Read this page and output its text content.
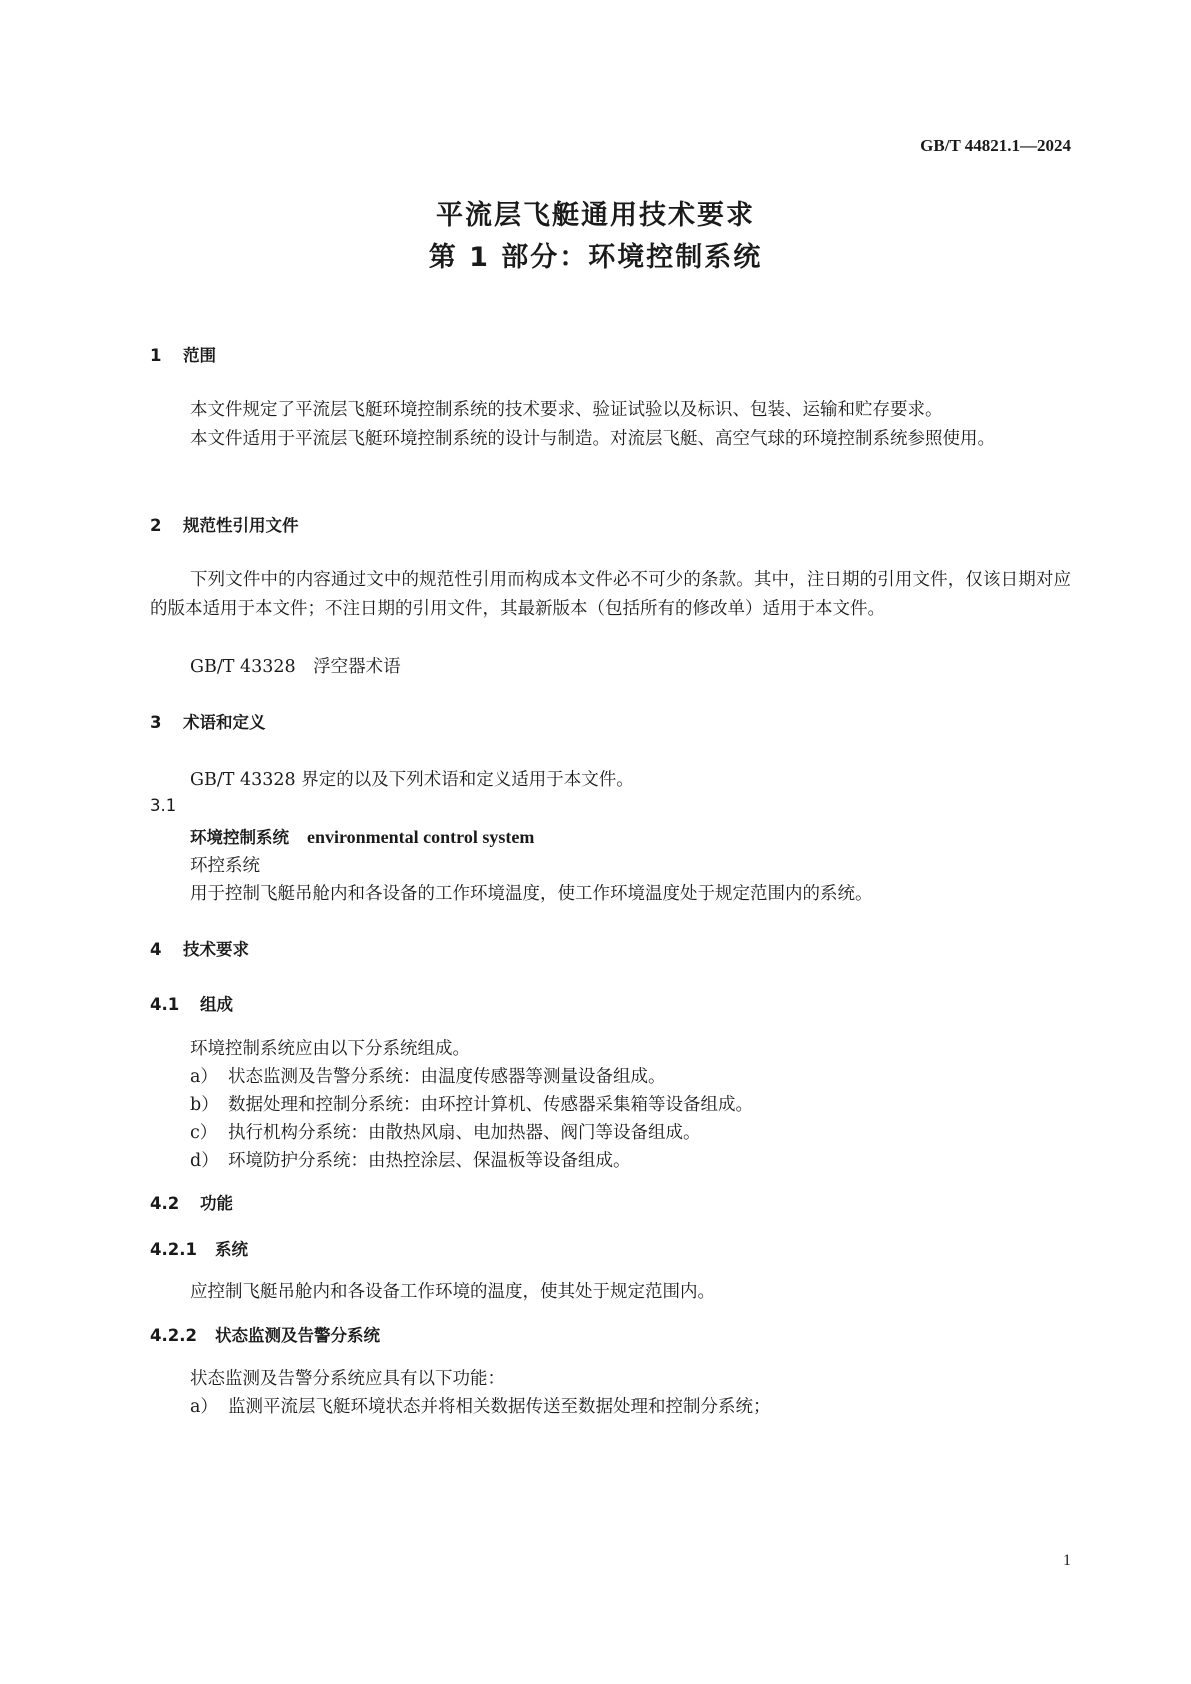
GB/T 44821.1—2024
平流层飞艇通用技术要求
第 1 部分：环境控制系统
1 范围
本文件规定了平流层飞艇环境控制系统的技术要求、验证试验以及标识、包装、运输和贮存要求。
本文件适用于平流层飞艇环境控制系统的设计与制造。对流层飞艇、高空气球的环境控制系统参照使用。
2 规范性引用文件
下列文件中的内容通过文中的规范性引用而构成本文件必不可少的条款。其中，注日期的引用文件，仅该日期对应的版本适用于本文件；不注日期的引用文件，其最新版本（包括所有的修改单）适用于本文件。
GB/T 43328　浮空器术语
3 术语和定义
GB/T 43328 界定的以及下列术语和定义适用于本文件。
3.1
环境控制系统 environmental control system
环控系统
用于控制飞艇吊舱内和各设备的工作环境温度，使工作环境温度处于规定范围内的系统。
4 技术要求
4.1 组成
环境控制系统应由以下分系统组成。
a） 状态监测及告警分系统：由温度传感器等测量设备组成。
b） 数据处理和控制分系统：由环控计算机、传感器采集箱等设备组成。
c） 执行机构分系统：由散热风扇、电加热器、阀门等设备组成。
d） 环境防护分系统：由热控涂层、保温板等设备组成。
4.2 功能
4.2.1 系统
应控制飞艇吊舱内和各设备工作环境的温度，使其处于规定范围内。
4.2.2 状态监测及告警分系统
状态监测及告警分系统应具有以下功能：
a） 监测平流层飞艇环境状态并将相关数据传送至数据处理和控制分系统；
1
